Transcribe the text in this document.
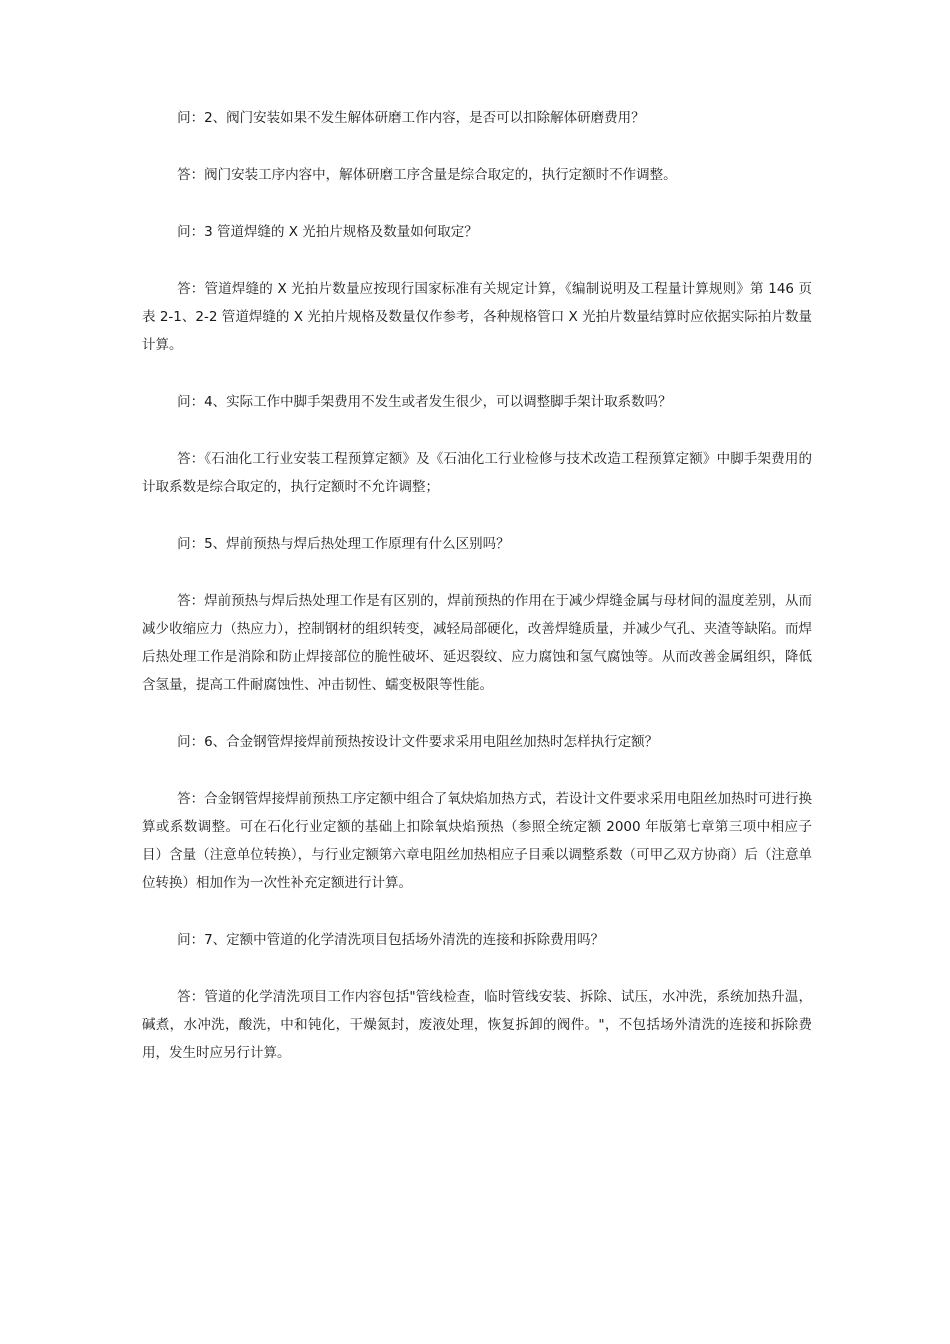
问：2、阀门安装如果不发生解体研磨工作内容，是否可以扣除解体研磨费用？

答：阀门安装工序内容中，解体研磨工序含量是综合取定的，执行定额时不作调整。

问：3 管道焊缝的 X 光拍片规格及数量如何取定？

答：管道焊缝的 X 光拍片数量应按现行国家标准有关规定计算，《编制说明及工程量计算规则》第 146 页表 2-1、2-2 管道焊缝的 X 光拍片规格及数量仅作参考，各种规格管口 X 光拍片数量结算时应依据实际拍片数量计算。

问：4、实际工作中脚手架费用不发生或者发生很少，可以调整脚手架计取系数吗？

答：《石油化工行业安装工程预算定额》及《石油化工行业检修与技术改造工程预算定额》中脚手架费用的计取系数是综合取定的，执行定额时不允许调整；

问：5、焊前预热与焊后热处理工作原理有什么区别吗？

答：焊前预热与焊后热处理工作是有区别的，焊前预热的作用在于减少焊缝金属与母材间的温度差别，从而减少收缩应力（热应力），控制钢材的组织转变，减轻局部硬化，改善焊缝质量，并减少气孔、夹渣等缺陷。而焊后热处理工作是消除和防止焊接部位的脆性破坏、延迟裂纹、应力腐蚀和氢气腐蚀等。从而改善金属组织，降低含氢量，提高工件耐腐蚀性、冲击韧性、蠕变极限等性能。

问：6、合金钢管焊接焊前预热按设计文件要求采用电阻丝加热时怎样执行定额？

答：合金钢管焊接焊前预热工序定额中组合了氧炔焰加热方式，若设计文件要求采用电阻丝加热时可进行换算或系数调整。可在石化行业定额的基础上扣除氧炔焰预热（参照全统定额 2000 年版第七章第三项中相应子目）含量（注意单位转换），与行业定额第六章电阻丝加热相应子目乘以调整系数（可甲乙双方协商）后（注意单位转换）相加作为一次性补充定额进行计算。

问：7、定额中管道的化学清洗项目包括场外清洗的连接和拆除费用吗？

答：管道的化学清洗项目工作内容包括"管线检查，临时管线安装、拆除、试压，水冲洗，系统加热升温，碱煮，水冲洗，酸洗，中和钝化，干燥氮封，废液处理，恢复拆卸的阀件。"，不包括场外清洗的连接和拆除费用，发生时应另行计算。
